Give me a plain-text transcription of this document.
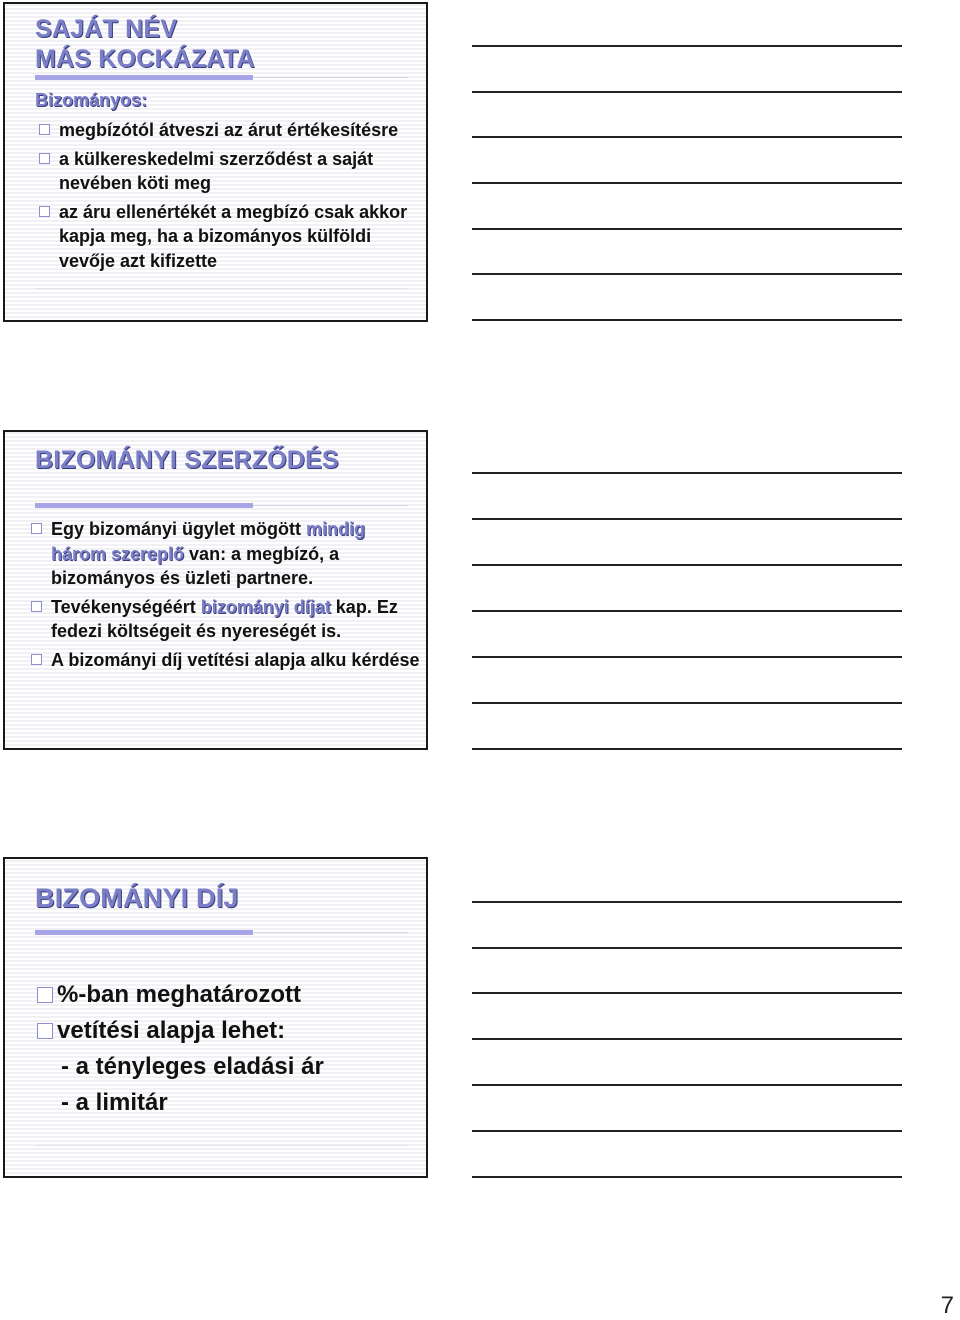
SAJÁT NÉV
MÁS KOCKÁZATA
Bizományos:
megbízótól átveszi az árut értékesítésre
a külkereskedelmi szerződést a saját nevében köti meg
az áru ellenértékét a megbízó csak akkor kapja meg, ha a bizományos külföldi vevője azt kifizette
BIZOMÁNYI SZERZŐDÉS
Egy bizományi ügylet mögött mindig három szereplő van: a megbízó, a bizományos és üzleti partnere.
Tevékenységéért bizományi díjat kap. Ez fedezi költségeit és nyereségét is.
A bizományi díj vetítési alapja alku kérdése
BIZOMÁNYI DÍJ
%-ban meghatározott
vetítési alapja lehet:
- a tényleges eladási ár
- a limitár
7
